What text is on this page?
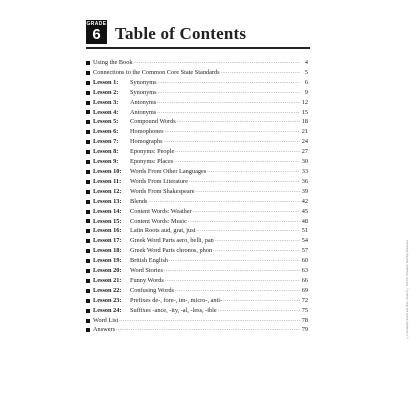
GRADE
6 Table of Contents
Using the Book .....	4
Connections to the Common Core State Standards .....	5
Lesson 1:	Synonyms .....	6
Lesson 2:	Synonyms .....	9
Lesson 3:	Antonyms .....	12
Lesson 4:	Antonyms .....	15
Lesson 5:	Compound Words .....	18
Lesson 6:	Homophones .....	21
Lesson 7:	Homographs .....	24
Lesson 8:	Eponyms: People .....	27
Lesson 9:	Eponyms: Places .....	30
Lesson 10:	Words From Other Languages .....	33
Lesson 11:	Words From Literature .....	36
Lesson 12:	Words From Shakespeare .....	39
Lesson 13:	Blends .....	42
Lesson 14:	Content Words: Weather .....	45
Lesson 15:	Content Words: Music .....	48
Lesson 16:	Latin Roots aud, grat, just .....	51
Lesson 17:	Greek Word Parts aero, belli, pan .....	54
Lesson 18:	Greek Word Parts chronos, phon .....	57
Lesson 19:	British English .....	60
Lesson 20:	Word Stories .....	63
Lesson 21:	Funny Words .....	66
Lesson 22:	Confusing Words .....	69
Lesson 23:	Prefixes de-, fore-, im-, micro-, anti- .....	72
Lesson 24:	Suffixes -ance, -ity, -al, -less, -ible .....	75
Word List .....	78
Answers .....	79	©2 Vocabulary Words and More, Grade 6 © 2014 by Scholastic Teaching Resources
